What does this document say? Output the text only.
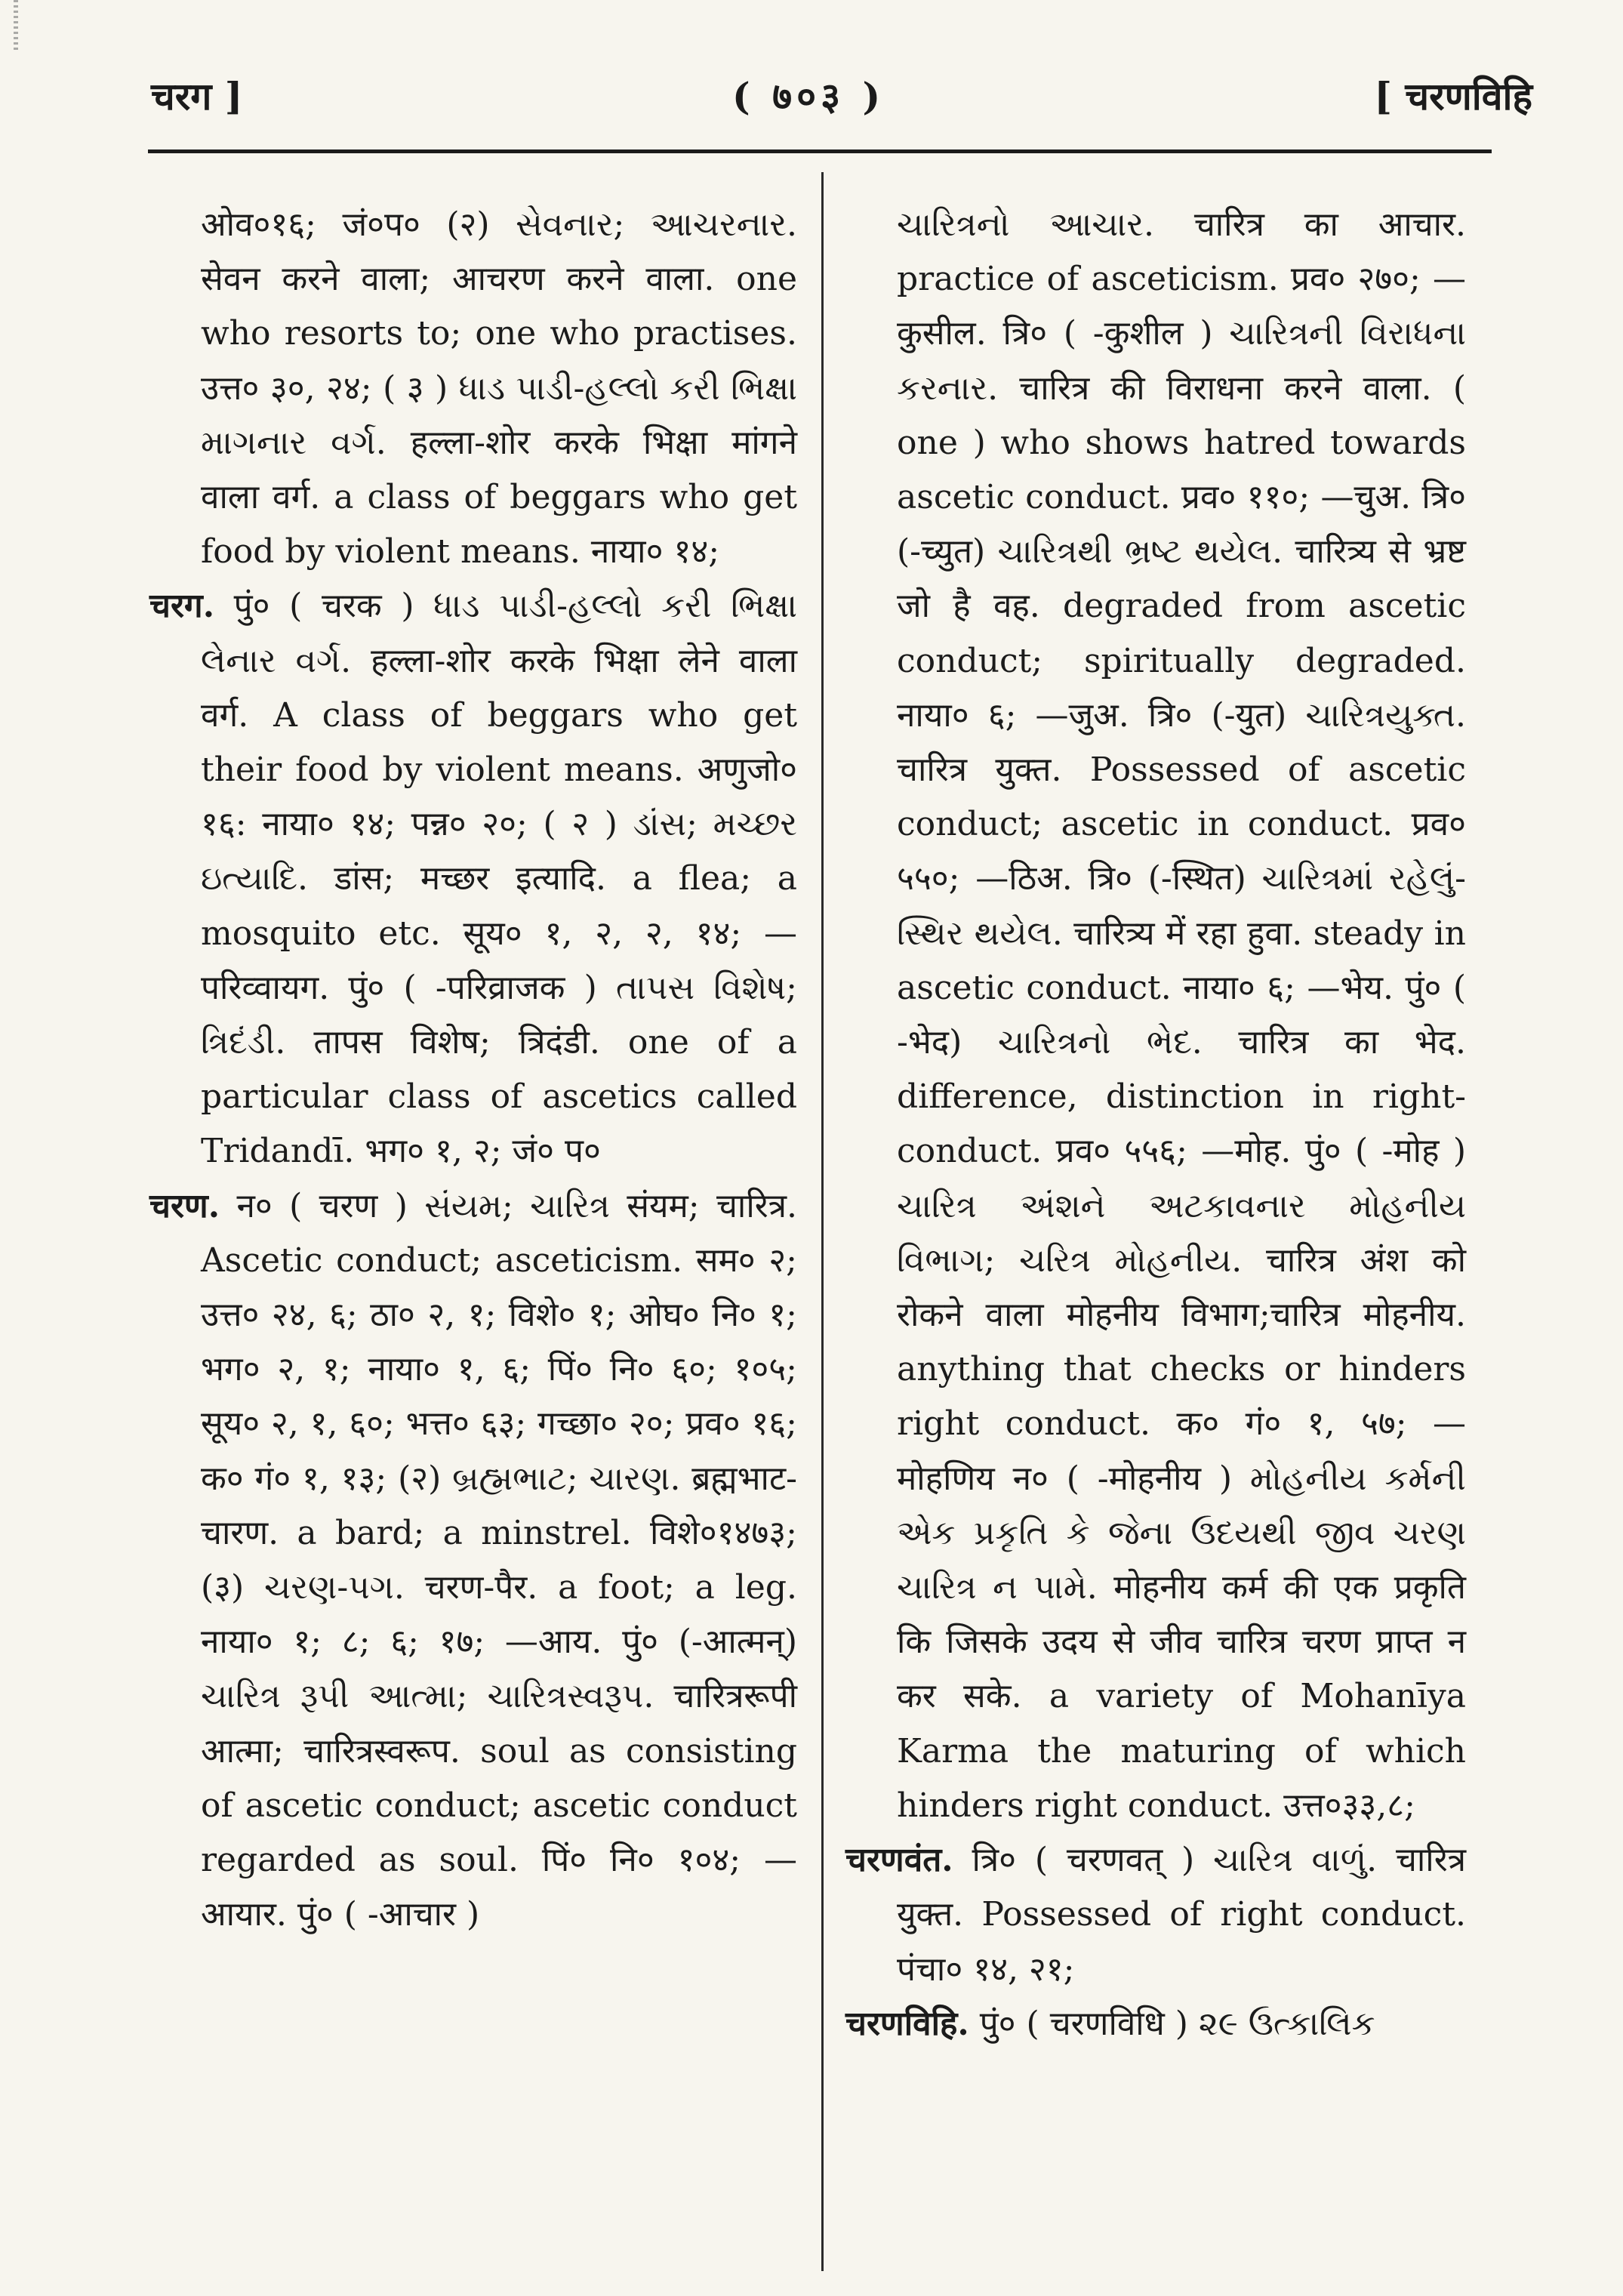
चरग ]	( ७०३ )	[ चरणविहि

ओव०१६; जं०प० (२) સેવનાર; આચરનાર. सेवन करने वाला; आचरण करने वाला. one who resorts to; one who practises. उत्त० ३०, २४; ( ३ ) ધાડ પાડી-હલ્લો કરી ભિક્ષા માગનાર વર્ગ. हल्ला-शोर करके भिक्षा मांगने वाला वर्ग. a class of beggars who get food by violent means. नाया० १४;

चरग. पुं० ( चरक ) ધાડ પાડી-હલ્લો કરી ભિક્ષા લેનાર વર્ગ. हल्ला-शोर करके भिक्षा लेने वाला वर्ग. A class of beggars who get their food by violent means. अणुजो० १६: नाया० १४; पन्न० २०; ( २ ) ડાંસ; મચ્છર ઇત્યાદિ. डांस; मच्छर इत्यादि. a flea; a mosquito etc. सूय० १, २, २, १४; —परिव्वायग. पुं० ( -परिव्राजक ) તાપસ વિશેષ; ત્રિદંડી. तापस विशेष; त्रिदंडी. one of a particular class of ascetics called Tridandī. भग० १, २; जं० प०

चरण. न० ( चरण ) સંયમ; ચારિત્ર संयम; चारित्र. Ascetic conduct; asceticism. सम० २; उत्त० २४, ६; ठा० २, १; विशे० १; ओघ० नि० १; भग० २, १; नाया० १, ६; पिं० नि० ६०; १०५; सूय० २, १, ६०; भत्त० ६३; गच्छा० २०; प्रव० १६; क० गं० १, १३; (२) બ્રહ્મભાટ; ચારણ. ब्रह्मभाट-चारण. a bard; a minstrel. विशे०१४७३; (३) ચરણ-પગ. चरण-पैर. a foot; a leg. नाया० १; ८; ६; १७; —आय. पुं० (-आत्मन्) ચારિત્ર રૂપી આત્મા; ચારિત્રસ્વરૂપ. चारित्ररूपी आत्मा; चारित्रस्वरूप. soul as consisting of ascetic conduct; ascetic conduct regarded as soul. पिं० नि० १०४; —आयार. पुं० ( -आचार )

ચારિત્રનો આચાર. चारित्र का आचार. practice of asceticism. प्रव० २७०; —कुसील. त्रि० ( -कुशील ) ચારિત્રની વિરાધના કરનાર. चारित्र की विराधना करने वाला. ( one ) who shows hatred towards ascetic conduct. प्रव० ११०; —चुअ. त्रि० (-च्युत) ચારિત્રથી ભ્રષ્ટ થયેલ. चारित्र्य से भ्रष्ट जो है वह. degraded from ascetic conduct; spiritually degraded. नाया० ६; —जुअ. त्रि० (-युत) ચારિત્રયુક્ત. चारित्र युक्त. Possessed of ascetic conduct; ascetic in conduct. प्रव० ५५०; —ठिअ. त्रि० (-स्थित) ચારિત્રમાં રહેલું-સ્થિર થયેલ. चारित्र्य में रहा हुवा. steady in ascetic conduct. नाया० ६; —भेय. पुं० ( -भेद) ચારિત્રનો ભેદ. चारित्र का भेद. difference, distinction in right-conduct. प्रव० ५५६; —मोह. पुं० ( -मोह ) ચારિત્ર અંશને અટકાવનાર મોહનીય વિભાગ; ચરિત્ર મોહનીય. चारित्र अंश को रोकने वाला मोहनीय विभाग;चारित्र मोहनीय. anything that checks or hinders right conduct. क० गं० १, ५७; —मोहणिय न० ( -मोहनीय ) મોહનીય કર્મની એક પ્રકૃતિ કે જેના ઉદયથી જીવ ચરણ ચારિત્ર ન પામે. मोहनीय कर्म की एक प्रकृति कि जिसके उदय से जीव चारित्र चरण प्राप्त न कर सके. a variety of Mohanīya Karma the maturing of which hinders right conduct. उत्त०३३,८;

चरणवंत. त्रि० ( चरणवत् ) ચારિત્ર વાળું. चारित्र युक्त. Possessed of right conduct. पंचा० १४, २१;

चरणविहि. पुं० ( चरणविधि ) ૨૯ ઉત્કાલિક
